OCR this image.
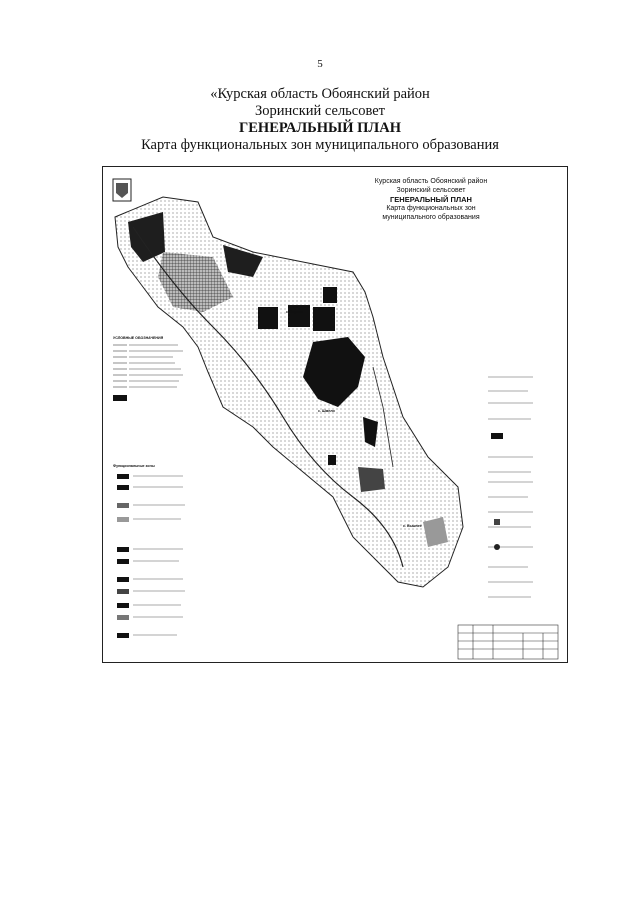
5
«Курская область Обоянский район
Зоринский сельсовет
ГЕНЕРАЛЬНЫЙ ПЛАН
Карта функциональных зон муниципального образования
с. Зорино
с. Шмели
с. Вышнее
УСЛОВНЫЕ ОБОЗНАЧЕНИЯ
Функциональные зоны
Курская область Обоянский район
Зоринский сельсовет
ГЕНЕРАЛЬНЫЙ ПЛАН
Карта функциональных зон
муниципального образования
